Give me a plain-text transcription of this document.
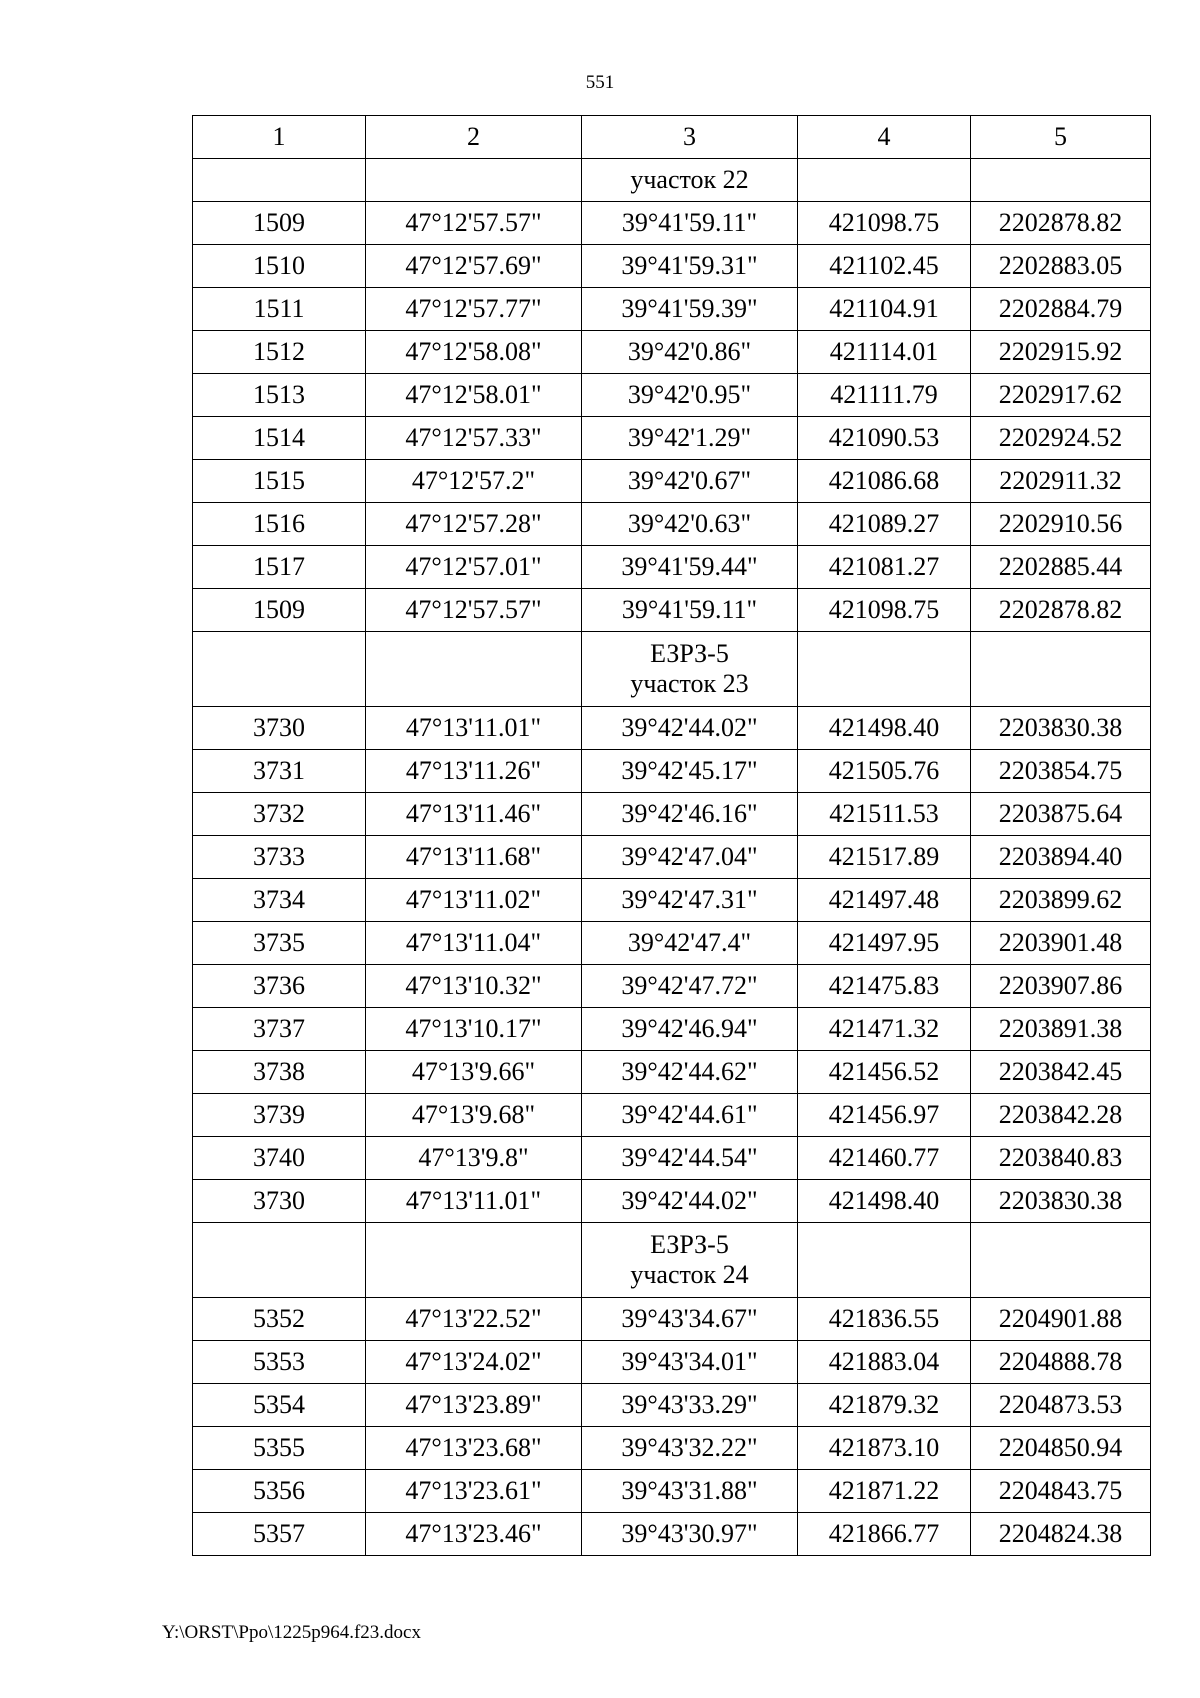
551
1	2	3	4	5

		участок 22		

1509	47°12'57.57"	39°41'59.11"	421098.75	2202878.82
1510	47°12'57.69"	39°41'59.31"	421102.45	2202883.05
1511	47°12'57.77"	39°41'59.39"	421104.91	2202884.79
1512	47°12'58.08"	39°42'0.86"	421114.01	2202915.92
1513	47°12'58.01"	39°42'0.95"	421111.79	2202917.62
1514	47°12'57.33"	39°42'1.29"	421090.53	2202924.52
1515	47°12'57.2"	39°42'0.67"	421086.68	2202911.32
1516	47°12'57.28"	39°42'0.63"	421089.27	2202910.56
1517	47°12'57.01"	39°41'59.44"	421081.27	2202885.44
1509	47°12'57.57"	39°41'59.11"	421098.75	2202878.82

		ЕЗРЗ-5
участок 23		

3730	47°13'11.01"	39°42'44.02"	421498.40	2203830.38
3731	47°13'11.26"	39°42'45.17"	421505.76	2203854.75
3732	47°13'11.46"	39°42'46.16"	421511.53	2203875.64
3733	47°13'11.68"	39°42'47.04"	421517.89	2203894.40
3734	47°13'11.02"	39°42'47.31"	421497.48	2203899.62
3735	47°13'11.04"	39°42'47.4"	421497.95	2203901.48
3736	47°13'10.32"	39°42'47.72"	421475.83	2203907.86
3737	47°13'10.17"	39°42'46.94"	421471.32	2203891.38
3738	47°13'9.66"	39°42'44.62"	421456.52	2203842.45
3739	47°13'9.68"	39°42'44.61"	421456.97	2203842.28
3740	47°13'9.8"	39°42'44.54"	421460.77	2203840.83
3730	47°13'11.01"	39°42'44.02"	421498.40	2203830.38

		ЕЗРЗ-5
участок 24		

5352	47°13'22.52"	39°43'34.67"	421836.55	2204901.88
5353	47°13'24.02"	39°43'34.01"	421883.04	2204888.78
5354	47°13'23.89"	39°43'33.29"	421879.32	2204873.53
5355	47°13'23.68"	39°43'32.22"	421873.10	2204850.94
5356	47°13'23.61"	39°43'31.88"	421871.22	2204843.75
5357	47°13'23.46"	39°43'30.97"	421866.77	2204824.38
Y:\ORST\Ppo\1225p964.f23.docx
